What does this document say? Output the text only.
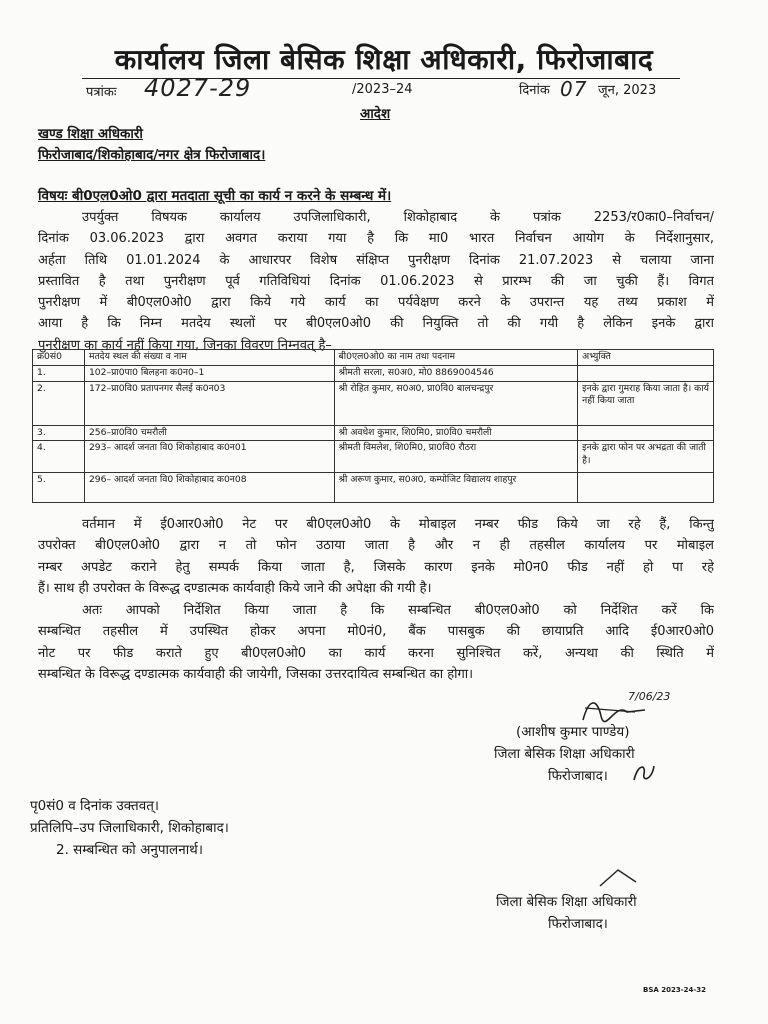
कार्यालय जिला बेसिक शिक्षा अधिकारी, फिरोजाबाद
पत्रांकः 4027-29	/2023–24	दिनांक 07 जून, 2023
आदेश
खण्ड शिक्षा अधिकारी
फिरोजाबाद/शिकोहाबाद/नगर क्षेत्र फिरोजाबाद।
विषयः बी0एल0ओ0 द्वारा मतदाता सूची का कार्य न करने के सम्बन्ध में।
उपर्युक्त विषयक कार्यालय उपजिलाधिकारी, शिकोहाबाद के पत्रांक 2253/र0का0–निर्वाचन/
दिनांक 03.06.2023 द्वारा अवगत कराया गया है कि मा0 भारत निर्वाचन आयोग के निर्देशानुसार,
अर्हता तिथि 01.01.2024 के आधारपर विशेष संक्षिप्त पुनरीक्षण दिनांक 21.07.2023 से चलाया जाना
प्रस्तावित है तथा पुनरीक्षण पूर्व गतिविधियां दिनांक 01.06.2023 से प्रारम्भ की जा चुकी हैं। विगत
पुनरीक्षण में बी0एल0ओ0 द्वारा किये गये कार्य का पर्यवेक्षण करने के उपरान्त यह तथ्य प्रकाश में
आया है कि निम्न मतदेय स्थलों पर बी0एल0ओ0 की नियुक्ति तो की गयी है लेकिन इनके द्वारा
पुनरीक्षण का कार्य नहीं किया गया, जिनका विवरण निम्नवत् है–
क्र0सं0	मतदेय स्थल की संख्या व नाम	बी0एल0ओ0 का नाम तथा पदनाम	अभ्युक्ति
1.	102–प्रा0पा0 बिलहना क0न0–1	श्रीमती सरला, स0अ0, मो0 8869004546	
2.	172–प्रा0वि0 प्रतापनगर सैलई क0न03	श्री रोहित कुमार, स0अ0, प्रा0वि0 बालचन्द्रपुर	इनके द्वारा गुमराह किया जाता है। कार्य नहीं किया जाता
3.	256–प्रा0वि0 चमरौली	श्री अवधेश कुमार, शि0मि0, प्रा0वि0 चमरौली	
4.	293– आदर्श जनता वि0 शिकोहाबाद क0न01	श्रीमती विमलेश, शि0मि0, प्रा0वि0 रौठरा	इनके द्वारा फोन पर अभद्रता की जाती है।
5.	296– आदर्श जनता वि0 शिकोहाबाद क0न08	श्री अरूण कुमार, स0अ0, कम्पोजिट विद्यालय शाहपुर	
वर्तमान में ई0आर0ओ0 नेट पर बी0एल0ओ0 के मोबाइल नम्बर फीड किये जा रहे हैं, किन्तु
उपरोक्त बी0एल0ओ0 द्वारा न तो फोन उठाया जाता है और न ही तहसील कार्यालय पर मोबाइल
नम्बर अपडेट कराने हेतु सम्पर्क किया जाता है, जिसके कारण इनके मो0न0 फीड नहीं हो पा रहे
हैं। साथ ही उपरोक्त के विरूद्ध दण्डात्मक कार्यवाही किये जाने की अपेक्षा की गयी है।
अतः आपको निर्देशित किया जाता है कि सम्बन्धित बी0एल0ओ0 को निर्देशित करें कि
सम्बन्धित तहसील में उपस्थित होकर अपना मो0नं0, बैंक पासबुक की छायाप्रति आदि ई0आर0ओ0
नोट पर फीड कराते हुए बी0एल0ओ0 का कार्य करना सुनिश्चित करें, अन्यथा की स्थिति में
सम्बन्धित के विरूद्ध दण्डात्मक कार्यवाही की जायेगी, जिसका उत्तरदायित्व सम्बन्धित का होगा।
7/06/23
(आशीष कुमार पाण्डेय)
जिला बेसिक शिक्षा अधिकारी
फिरोजाबाद।
पृ0सं0 व दिनांक उक्तवत्।
प्रतिलिपि–उप जिलाधिकारी, शिकोहाबाद।
2. सम्बन्धित को अनुपालनार्थ।
जिला बेसिक शिक्षा अधिकारी
फिरोजाबाद।
BSA 2023-24-32
